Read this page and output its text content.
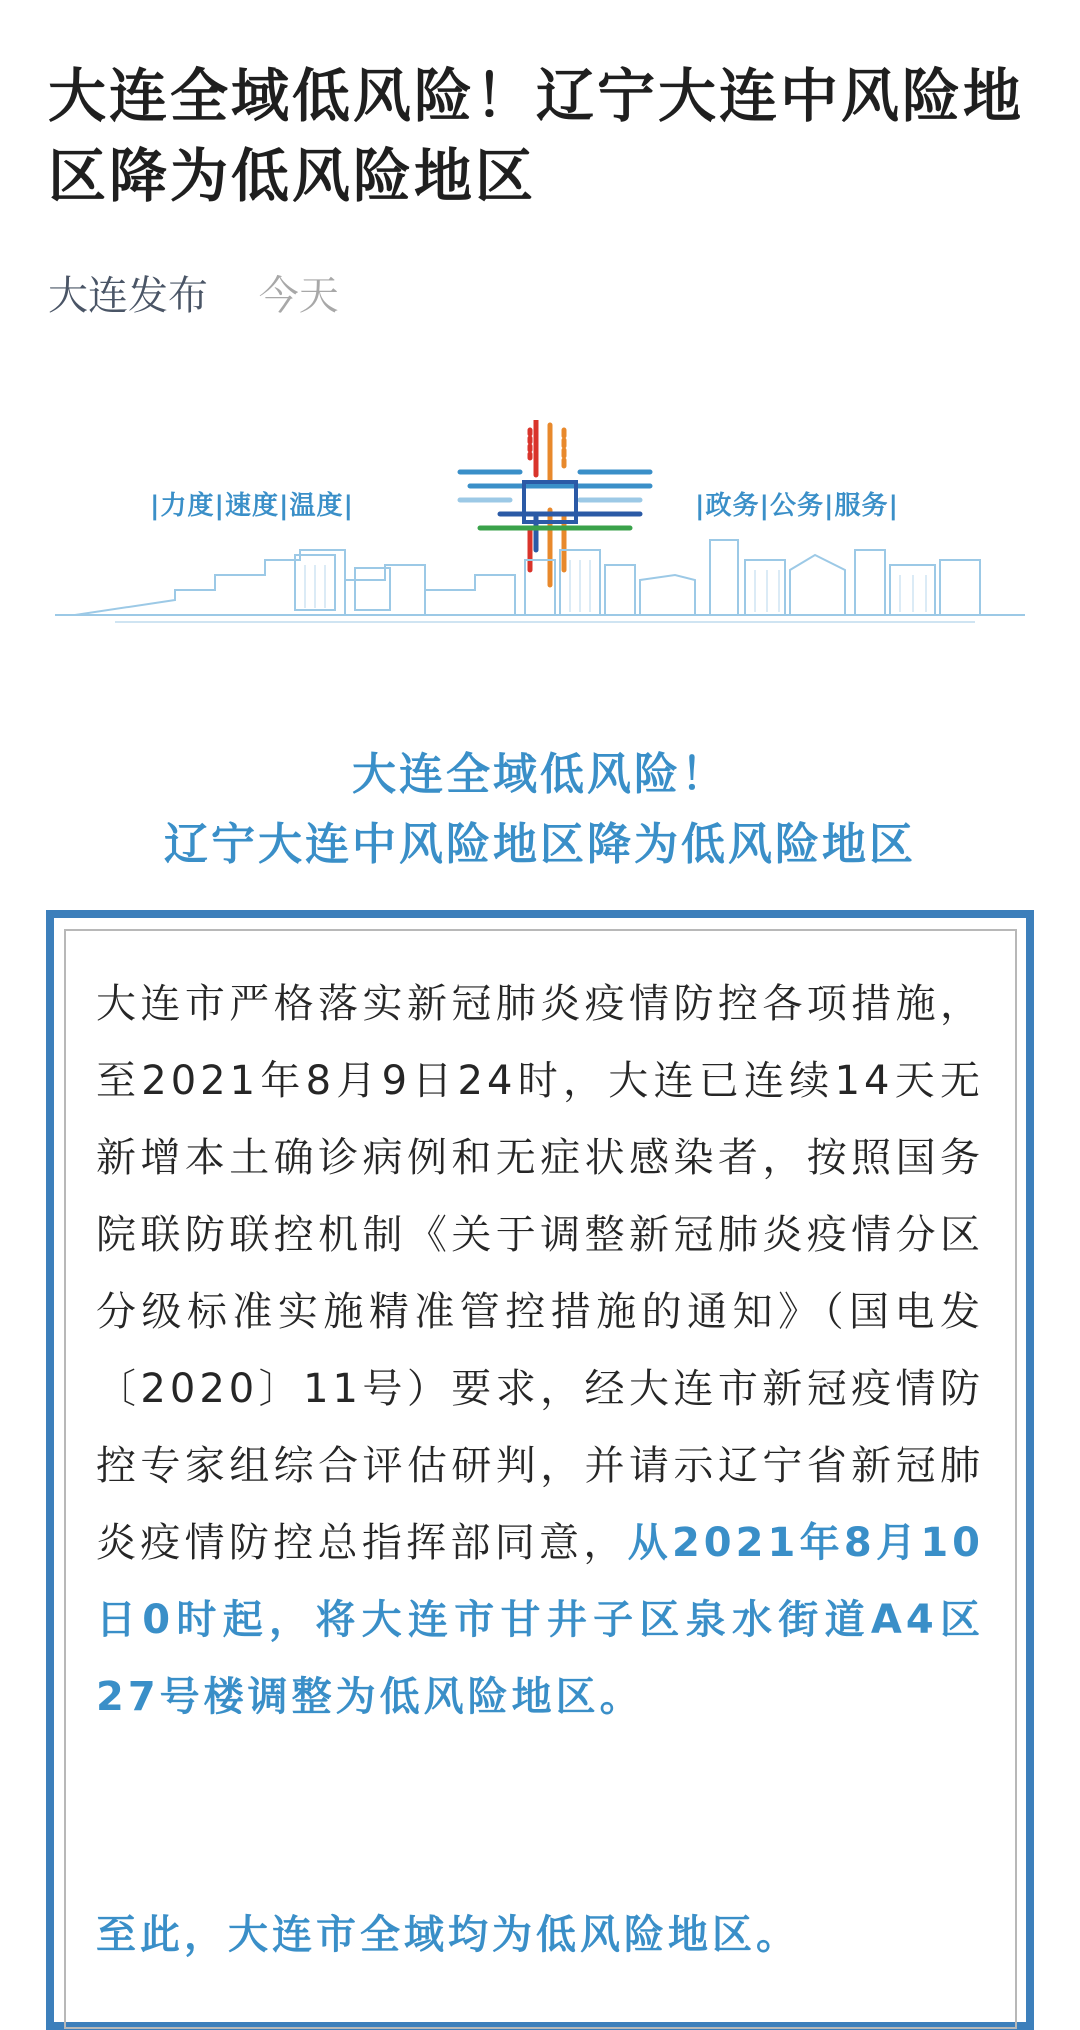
大连全域低风险！辽宁大连中风险地区降为低风险地区
大连发布 今天
|力度|速度|温度|	|政务|公务|服务|
大连全域低风险！
辽宁大连中风险地区降为低风险地区

大连市严格落实新冠肺炎疫情防控各项措施，至2021年8月9日24时，大连已连续14天无新增本土确诊病例和无症状感染者，按照国务院联防联控机制《关于调整新冠肺炎疫情分区分级标准实施精准管控措施的通知》（国电发〔2020〕11号）要求，经大连市新冠疫情防控专家组综合评估研判，并请示辽宁省新冠肺炎疫情防控总指挥部同意，从2021年8月10日0时起，将大连市甘井子区泉水街道A4区27号楼调整为低风险地区。

至此，大连市全域均为低风险地区。
